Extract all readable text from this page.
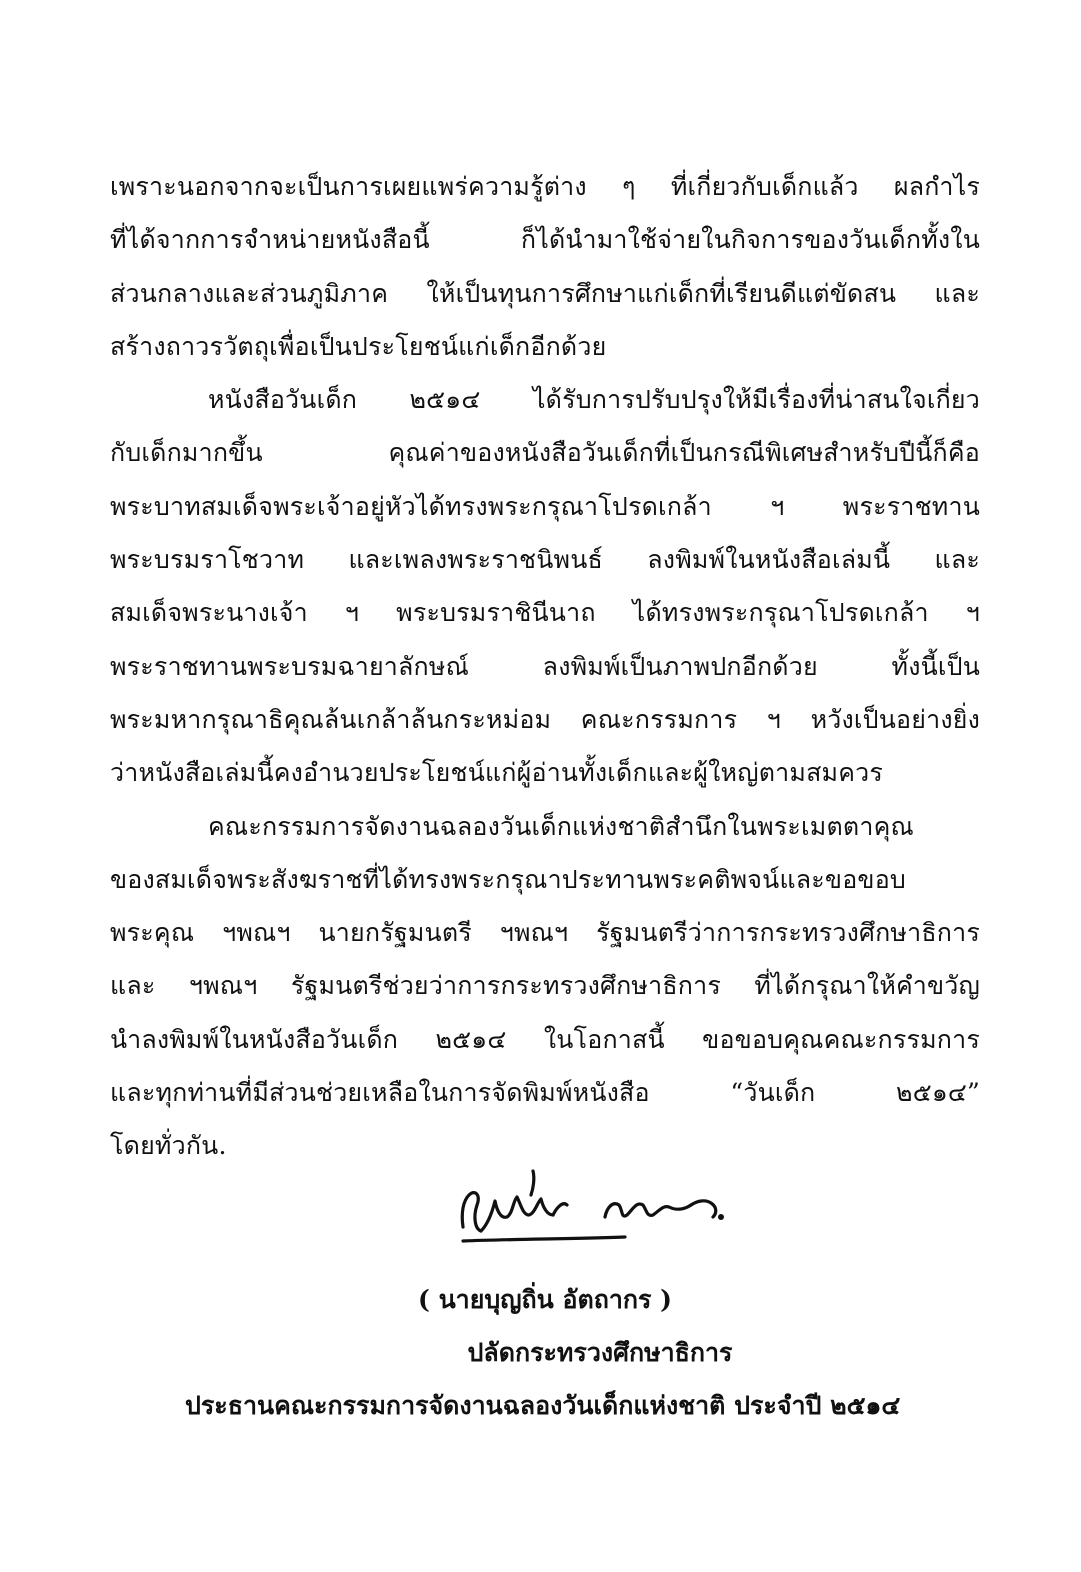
เพราะนอกจากจะเป็นการเผยแพร่ความรู้ต่าง ๆ ที่เกี่ยวกับเด็กแล้ว ผลกำไร
ที่ได้จากการจำหน่ายหนังสือนี้ ก็ได้นำมาใช้จ่ายในกิจการของวันเด็กทั้งใน
ส่วนกลางและส่วนภูมิภาค ให้เป็นทุนการศึกษาแก่เด็กที่เรียนดีแต่ขัดสน และ
สร้างถาวรวัตถุเพื่อเป็นประโยชน์แก่เด็กอีกด้วย
หนังสือวันเด็ก ๒๕๑๔ ได้รับการปรับปรุงให้มีเรื่องที่น่าสนใจเกี่ยว
กับเด็กมากขึ้น คุณค่าของหนังสือวันเด็กที่เป็นกรณีพิเศษสำหรับปีนี้ก็คือ
พระบาทสมเด็จพระเจ้าอยู่หัวได้ทรงพระกรุณาโปรดเกล้า ฯ พระราชทาน
พระบรมราโชวาท และเพลงพระราชนิพนธ์ ลงพิมพ์ในหนังสือเล่มนี้ และ
สมเด็จพระนางเจ้า ฯ พระบรมราชินีนาถ ได้ทรงพระกรุณาโปรดเกล้า ฯ
พระราชทานพระบรมฉายาลักษณ์ ลงพิมพ์เป็นภาพปกอีกด้วย ทั้งนี้เป็น
พระมหากรุณาธิคุณล้นเกล้าล้นกระหม่อม คณะกรรมการ ฯ หวังเป็นอย่างยิ่ง
ว่าหนังสือเล่มนี้คงอำนวยประโยชน์แก่ผู้อ่านทั้งเด็กและผู้ใหญ่ตามสมควร
คณะกรรมการจัดงานฉลองวันเด็กแห่งชาติสำนึกในพระเมตตาคุณ
ของสมเด็จพระสังฆราชที่ได้ทรงพระกรุณาประทานพระคติพจน์และขอขอบ
พระคุณ ฯพณฯ นายกรัฐมนตรี ฯพณฯ รัฐมนตรีว่าการกระทรวงศึกษาธิการ
และ ฯพณฯ รัฐมนตรีช่วยว่าการกระทรวงศึกษาธิการ ที่ได้กรุณาให้คำขวัญ
นำลงพิมพ์ในหนังสือวันเด็ก ๒๕๑๔ ในโอกาสนี้ ขอขอบคุณคณะกรรมการ
และทุกท่านที่มีส่วนช่วยเหลือในการจัดพิมพ์หนังสือ “วันเด็ก ๒๕๑๔”
โดยทั่วกัน.
( นายบุญถิ่น อัตถากร )
ปลัดกระทรวงศึกษาธิการ
ประธานคณะกรรมการจัดงานฉลองวันเด็กแห่งชาติ ประจำปี ๒๕๑๔
